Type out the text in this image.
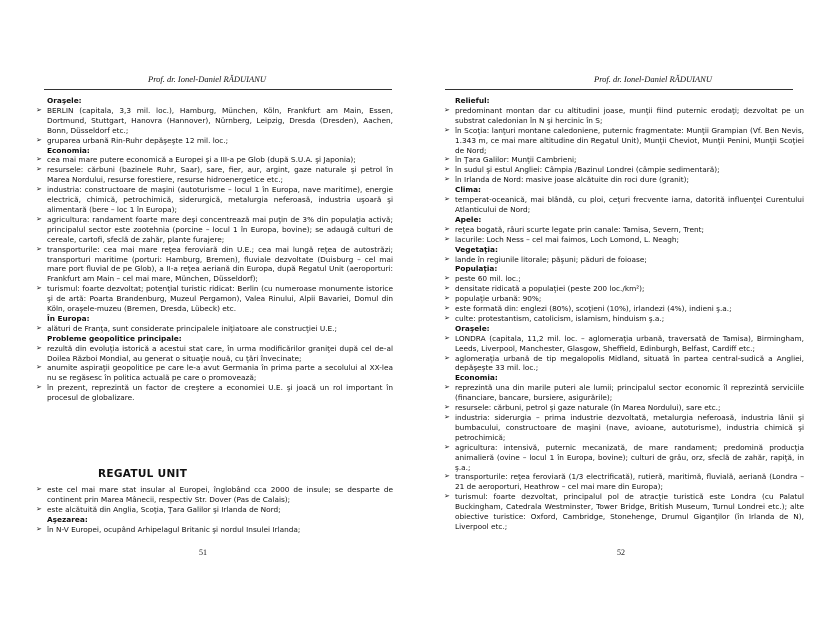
Prof. dr. Ionel-Daniel RĂDUIANU
Oraşele:
➢ BERLIN (capitala, 3,3 mil. loc.), Hamburg, München, Köln, Frankfurt am Main, Essen, Dortmund, Stuttgart, Hanovra (Hannover), Nürnberg, Leipzig, Dresda (Dresden), Aachen, Bonn, Düsseldorf etc.;
➢ gruparea urbană Rin-Ruhr depăşeşte 12 mil. loc.;
Economia:
➢ cea mai mare putere economică a Europei şi a III-a pe Glob (după S.U.A. şi Japonia);
➢ resursele: cărbuni (bazinele Ruhr, Saar), sare, fier, aur, argint, gaze naturale şi petrol în Marea Nordului, resurse forestiere, resurse hidroenergetice etc.;
➢ industria: constructoare de maşini (autoturisme – locul 1 în Europa, nave maritime), energie electrică, chimică, petrochimică, siderurgică, metalurgia neferoasă, industria uşoară şi alimentară (bere – loc 1 în Europa);
➢ agricultura: randament foarte mare deşi concentrează mai puţin de 3% din populaţia activă; principalul sector este zootehnia (porcine – locul 1 în Europa, bovine); se adaugă culturi de cereale, cartofi, sfeclă de zahăr, plante furajere;
➢ transporturile: cea mai mare reţea feroviară din U.E.; cea mai lungă reţea de autostrăzi; transporturi maritime (porturi: Hamburg, Bremen), fluviale dezvoltate (Duisburg – cel mai mare port fluvial de pe Glob), a II-a reţea aeriană din Europa, după Regatul Unit (aeroporturi: Frankfurt am Main – cel mai mare, München, Düsseldorf);
➢ turismul: foarte dezvoltat; potenţial turistic ridicat: Berlin (cu numeroase monumente istorice şi de artă: Poarta Brandenburg, Muzeul Pergamon), Valea Rinului, Alpii Bavariei, Domul din Köln, oraşele-muzeu (Bremen, Dresda, Lübeck) etc.
În Europa:
➢ alături de Franţa, sunt considerate principalele iniţiatoare ale construcţiei U.E.;
Probleme geopolitice principale:
➢ rezultă din evoluţia istorică a acestui stat care, în urma modificărilor graniţei după cel de-al Doilea Război Mondial, au generat o situaţie nouă, cu ţări învecinate;
➢ anumite aspiraţii geopolitice pe care le-a avut Germania în prima parte a secolului al XX-lea nu se regăsesc în politica actuală pe care o promovează;
➢ în prezent, reprezintă un factor de creştere a economiei U.E. şi joacă un rol important în procesul de globalizare.
REGATUL UNIT
➢ este cel mai mare stat insular al Europei, înglobând cca 2000 de insule; se desparte de continent prin Marea Mânecii, respectiv Str. Dover (Pas de Calais);
➢ este alcătuită din Anglia, Scoţia, Ţara Galilor şi Irlanda de Nord;
Aşezarea:
➢ în N-V Europei, ocupând Arhipelagul Britanic şi nordul Insulei Irlanda;
51
Prof. dr. Ionel-Daniel RĂDUIANU
Relieful:
➢ predominant montan dar cu altitudini joase, munţii fiind puternic erodaţi; dezvoltat pe un substrat caledonian în N şi hercinic în S;
➢ în Scoţia: lanţuri montane caledoniene, puternic fragmentate: Munţii Grampian (Vf. Ben Nevis, 1.343 m, ce mai mare altitudine din Regatul Unit), Munţii Cheviot, Munţii Penini, Munţii Scoţiei de Nord;
➢ în Ţara Galilor: Munţii Cambrieni;
➢ în sudul şi estul Angliei: Câmpia /Bazinul Londrei (câmpie sedimentară);
➢ în Irlanda de Nord: masive joase alcătuite din roci dure (granit);
Clima:
➢ temperat-oceanică, mai blândă, cu ploi, ceţuri frecvente iarna, datorită influenţei Curentului Atlanticului de Nord;
Apele:
➢ reţea bogată, râuri scurte legate prin canale: Tamisa, Severn, Trent;
➢ lacurile: Loch Ness – cel mai faimos, Loch Lomond, L. Neagh;
Vegetaţia:
➢ lande în regiunile litorale; păşuni; păduri de foioase;
Populaţia:
➢ peste 60 mil. loc.;
➢ densitate ridicată a populaţiei (peste 200 loc./km²);
➢ populaţie urbană: 90%;
➢ este formată din: englezi (80%), scoţieni (10%), irlandezi (4%), indieni ş.a.;
➢ culte: protestantism, catolicism, islamism, hinduism ş.a.;
Oraşele:
➢ LONDRA (capitala, 11,2 mil. loc. – aglomeraţia urbană, traversată de Tamisa), Birmingham, Leeds, Liverpool, Manchester, Glasgow, Sheffield, Edinburgh, Belfast, Cardiff etc.;
➢ aglomeraţia urbană de tip megalopolis Midland, situată în partea central-sudică a Angliei, depăşeşte 33 mil. loc.;
Economia:
➢ reprezintă una din marile puteri ale lumii; principalul sector economic îl reprezintă serviciile (financiare, bancare, bursiere, asigurările);
➢ resursele: cărbuni, petrol şi gaze naturale (în Marea Nordului), sare etc.;
➢ industria: siderurgia – prima industrie dezvoltată, metalurgia neferoasă, industria lânii şi bumbacului, constructoare de maşini (nave, avioane, autoturisme), industria chimică şi petrochimică;
➢ agricultura: intensivă, puternic mecanizată, de mare randament; predomină producţia animalieră (ovine – locul 1 în Europa, bovine); culturi de grâu, orz, sfeclă de zahăr, rapiţă, in ş.a.;
➢ transporturile: reţea feroviară (1/3 electrificată), rutieră, maritimă, fluvială, aeriană (Londra – 21 de aeroporturi, Heathrow – cel mai mare din Europa);
➢ turismul: foarte dezvoltat, principalul pol de atracţie turistică este Londra (cu Palatul Buckingham, Catedrala Westminster, Tower Bridge, British Museum, Turnul Londrei etc.); alte obiective turistice: Oxford, Cambridge, Stonehenge, Drumul Giganţilor (în Irlanda de N), Liverpool etc.;
52
